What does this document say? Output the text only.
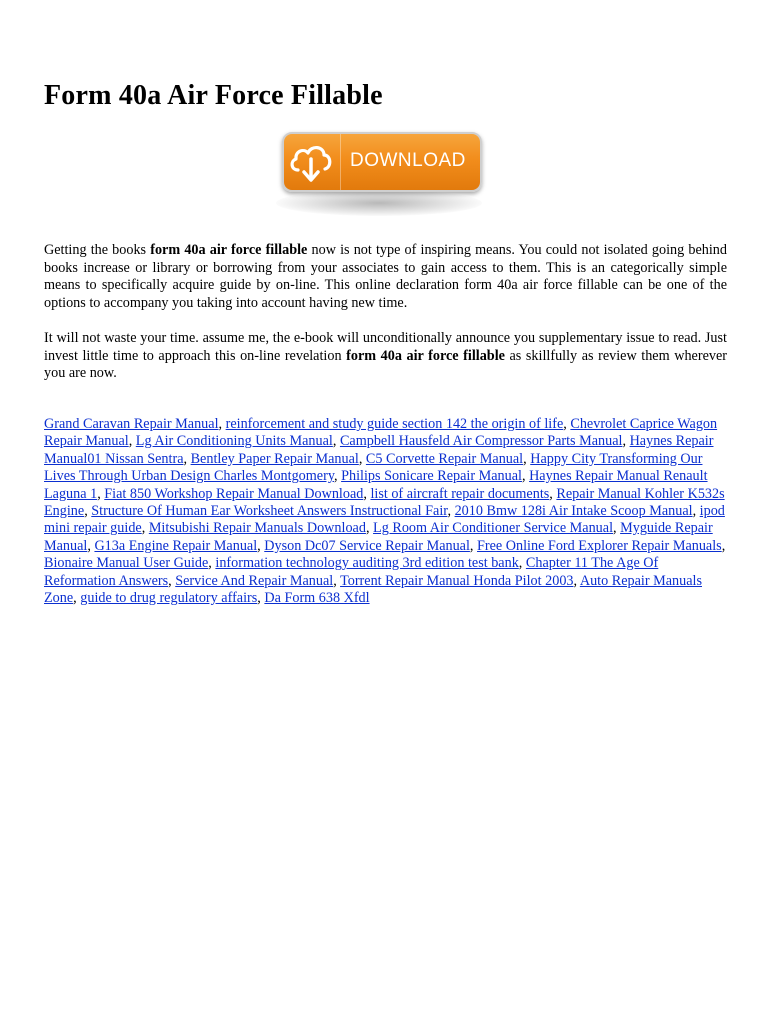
Form 40a Air Force Fillable
DOWNLOAD

Getting the books form 40a air force fillable now is not type of inspiring means. You could not isolated going behind books increase or library or borrowing from your associates to gain access to them. This is an categorically simple means to specifically acquire guide by on-line. This online declaration form 40a air force fillable can be one of the options to accompany you taking into account having new time.

It will not waste your time. assume me, the e-book will unconditionally announce you supplementary issue to read. Just invest little time to approach this on-line revelation form 40a air force fillable as skillfully as review them wherever you are now.

Grand Caravan Repair Manual, reinforcement and study guide section 142 the origin of life, Chevrolet Caprice Wagon Repair Manual, Lg Air Conditioning Units Manual, Campbell Hausfeld Air Compressor Parts Manual, Haynes Repair Manual01 Nissan Sentra, Bentley Paper Repair Manual, C5 Corvette Repair Manual, Happy City Transforming Our Lives Through Urban Design Charles Montgomery, Philips Sonicare Repair Manual, Haynes Repair Manual Renault Laguna 1, Fiat 850 Workshop Repair Manual Download, list of aircraft repair documents, Repair Manual Kohler K532s Engine, Structure Of Human Ear Worksheet Answers Instructional Fair, 2010 Bmw 128i Air Intake Scoop Manual, ipod mini repair guide, Mitsubishi Repair Manuals Download, Lg Room Air Conditioner Service Manual, Myguide Repair Manual, G13a Engine Repair Manual, Dyson Dc07 Service Repair Manual, Free Online Ford Explorer Repair Manuals, Bionaire Manual User Guide, information technology auditing 3rd edition test bank, Chapter 11 The Age Of Reformation Answers, Service And Repair Manual, Torrent Repair Manual Honda Pilot 2003, Auto Repair Manuals Zone, guide to drug regulatory affairs, Da Form 638 Xfdl
